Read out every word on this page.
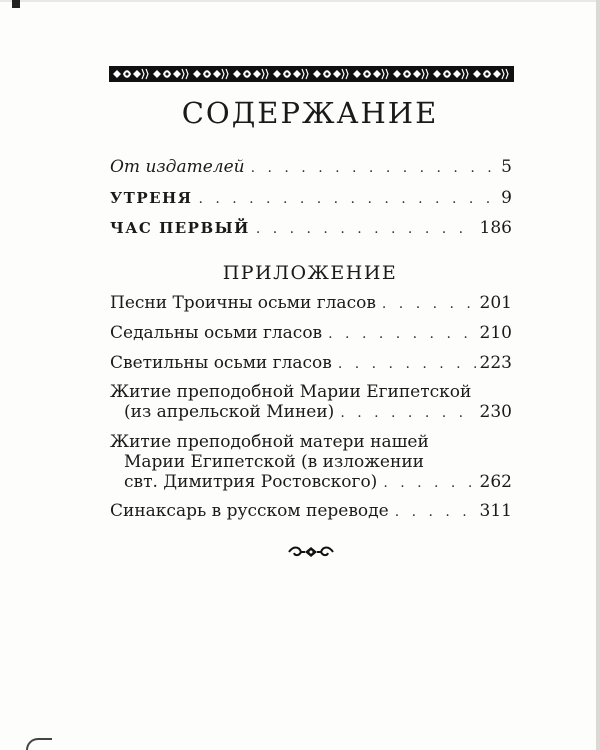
СОДЕРЖАНИЕ
От издателей . . .	5
УТРЕНЯ . . .	9
ЧАС ПЕРВЫЙ . . .	186
ПРИЛОЖЕНИЕ
Песни Троичны осьми гласов . . .	201
Седальны осьми гласов . . .	210
Светильны осьми гласов . . .	223
Житие преподобной Марии Египетской
(из апрельской Минеи) . . .	230
Житие преподобной матери нашей
Марии Египетской (в изложении
свт. Димитрия Ростовского) . . .	262
Синаксарь в русском переводе . . .	311
